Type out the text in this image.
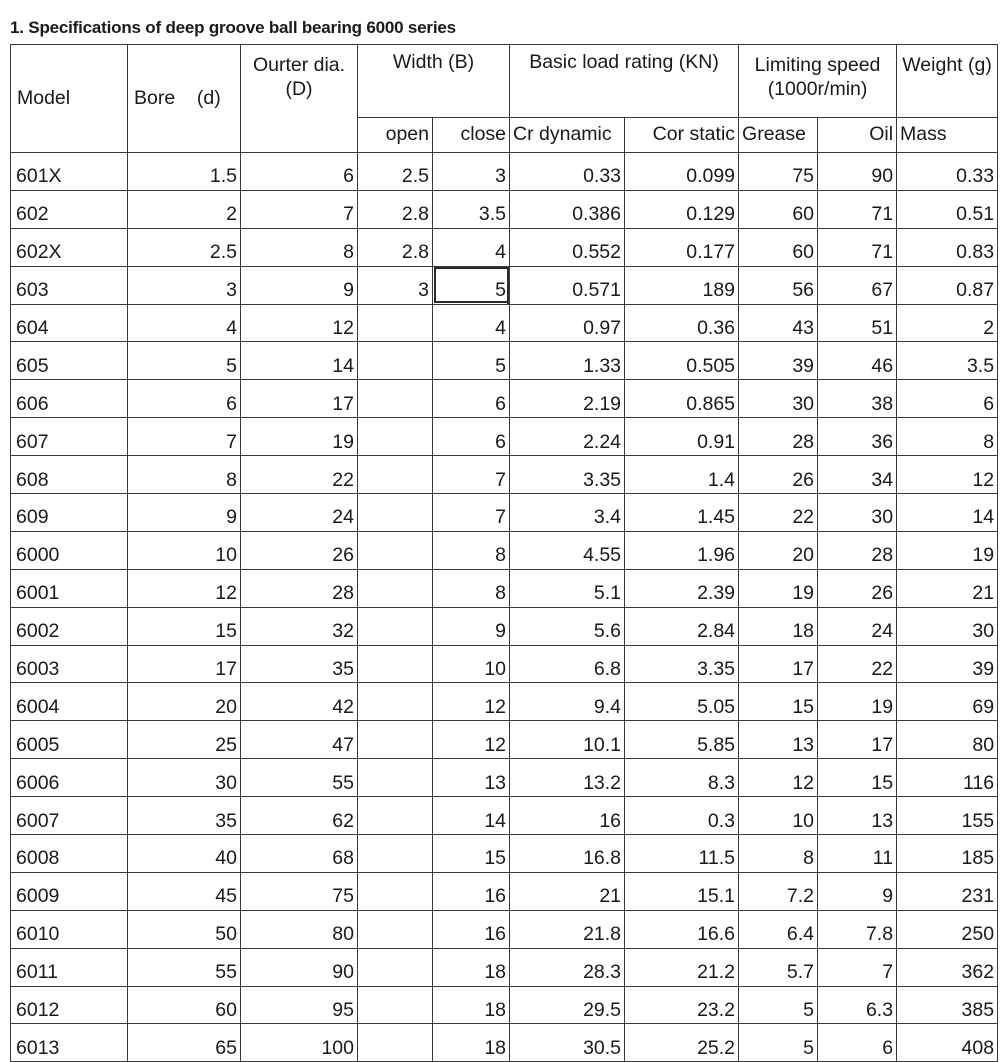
1. Specifications of deep groove ball bearing 6000 series
Model	Bore    (d)	Ourter dia. (D)	Width (B)		Basic load rating (KN)		Limiting speed (1000r/min)		Weight (g)
			open	close	Cr dynamic	Cor static	Grease	Oil	Mass
601X	1.5	6	2.5	3	0.33	0.099	75	90	0.33
602	2	7	2.8	3.5	0.386	0.129	60	71	0.51
602X	2.5	8	2.8	4	0.552	0.177	60	71	0.83
603	3	9	3	5	0.571	189	56	67	0.87
604	4	12		4	0.97	0.36	43	51	2
605	5	14		5	1.33	0.505	39	46	3.5
606	6	17		6	2.19	0.865	30	38	6
607	7	19		6	2.24	0.91	28	36	8
608	8	22		7	3.35	1.4	26	34	12
609	9	24		7	3.4	1.45	22	30	14
6000	10	26		8	4.55	1.96	20	28	19
6001	12	28		8	5.1	2.39	19	26	21
6002	15	32		9	5.6	2.84	18	24	30
6003	17	35		10	6.8	3.35	17	22	39
6004	20	42		12	9.4	5.05	15	19	69
6005	25	47		12	10.1	5.85	13	17	80
6006	30	55		13	13.2	8.3	12	15	116
6007	35	62		14	16	0.3	10	13	155
6008	40	68		15	16.8	11.5	8	11	185
6009	45	75		16	21	15.1	7.2	9	231
6010	50	80		16	21.8	16.6	6.4	7.8	250
6011	55	90		18	28.3	21.2	5.7	7	362
6012	60	95		18	29.5	23.2	5	6.3	385
6013	65	100		18	30.5	25.2	5	6	408
